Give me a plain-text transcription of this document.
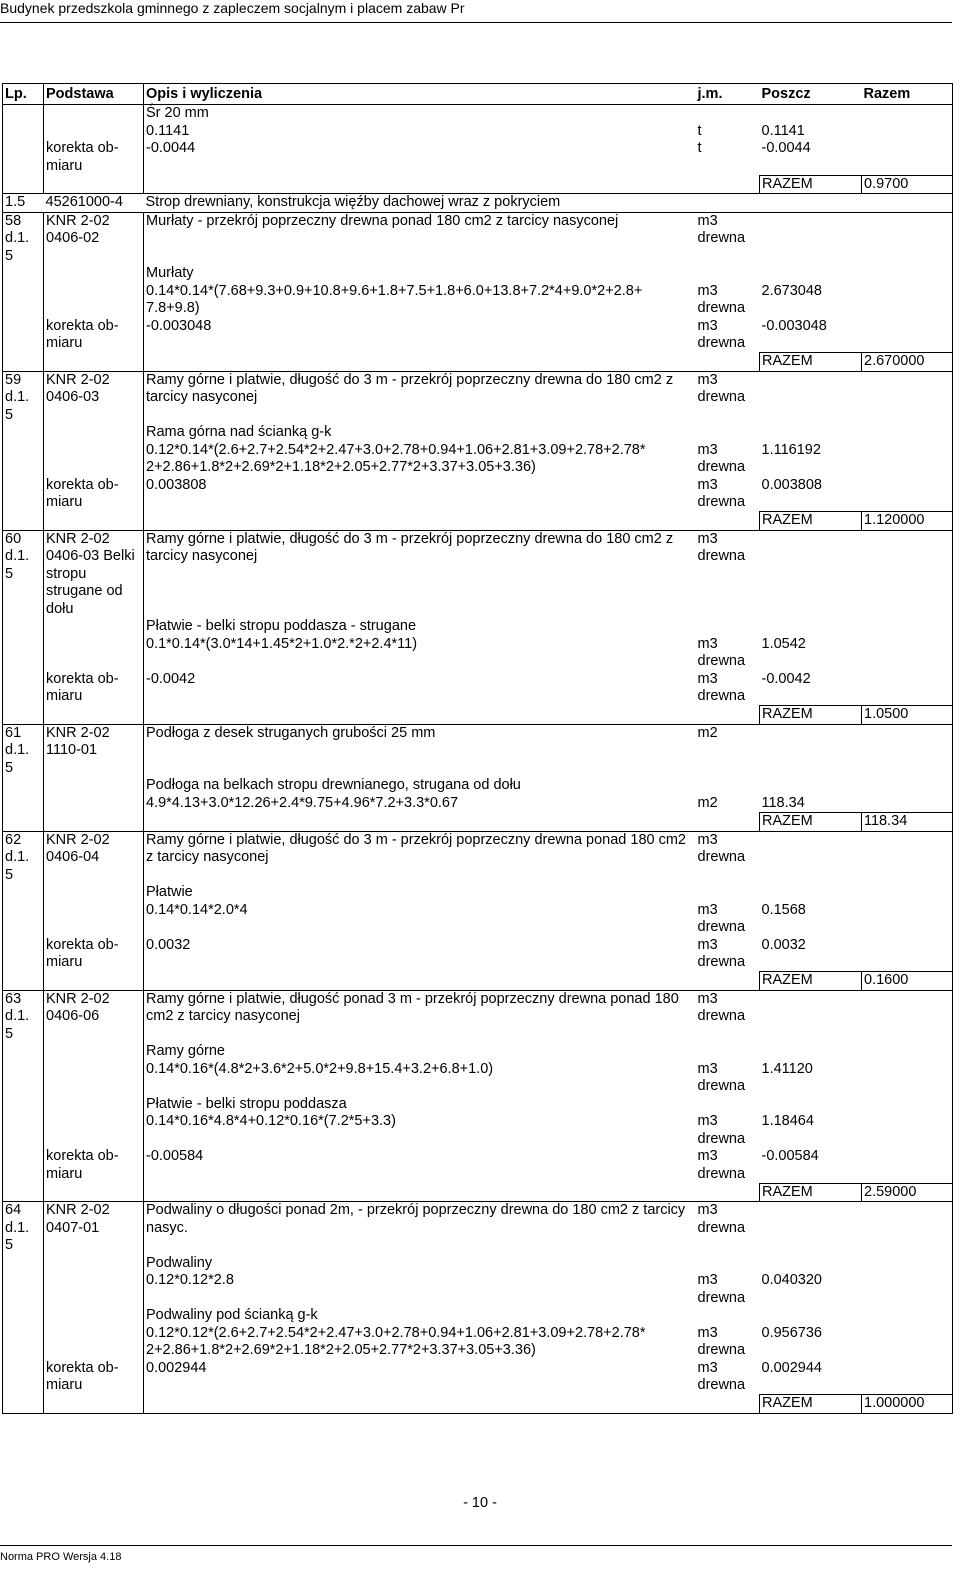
Budynek przedszkola gminnego z zapleczem socjalnym i placem zabaw Pr
Lp.	Podstawa	Opis i wyliczenia	j.m.	Poszcz	Razem
		Śr 20 mm			
		0.1141	t	0.1141	
	korekta ob-miaru	-0.0044	t	-0.0044	
				RAZEM	0.9700
1.5	45261000-4	Strop drewniany, konstrukcja więźby dachowej wraz z pokryciem			
58 d.1. 5	KNR 2-02 0406-02	Murłaty - przekrój poprzeczny drewna ponad 180 cm2 z tarcicy nasyconej	m3 drewna		
		Murłaty			
		0.14*0.14*(7.68+9.3+0.9+10.8+9.6+1.8+7.5+1.8+6.0+13.8+7.2*4+9.0*2+2.8+ 7.8+9.8)	m3 drewna	2.673048	
	korekta ob-miaru	-0.003048	m3 drewna	-0.003048	
				RAZEM	2.670000
59 d.1. 5	KNR 2-02 0406-03	Ramy górne i platwie, długość do 3 m - przekrój poprzeczny drewna do 180 cm2 z tarcicy nasyconej	m3 drewna		
		Rama górna nad ścianką g-k			
		0.12*0.14*(2.6+2.7+2.54*2+2.47+3.0+2.78+0.94+1.06+2.81+3.09+2.78+2.78* 2+2.86+1.8*2+2.69*2+1.18*2+2.05+2.77*2+3.37+3.05+3.36)	m3 drewna	1.116192	
	korekta ob-miaru	0.003808	m3 drewna	0.003808	
				RAZEM	1.120000
60 d.1. 5	KNR 2-02 0406-03 Belki stropu strugane od dołu	Ramy górne i platwie, długość do 3 m - przekrój poprzeczny drewna do 180 cm2 z tarcicy nasyconej	m3 drewna		
		Płatwie - belki stropu poddasza - strugane			
		0.1*0.14*(3.0*14+1.45*2+1.0*2.*2+2.4*11)	m3 drewna	1.0542	
	korekta ob-miaru	-0.0042	m3 drewna	-0.0042	
				RAZEM	1.0500
61 d.1. 5	KNR 2-02 1110-01	Podłoga z desek struganych grubości 25 mm	m2		
		Podłoga na belkach stropu drewnianego, strugana od dołu			
		4.9*4.13+3.0*12.26+2.4*9.75+4.96*7.2+3.3*0.67	m2	118.34	
				RAZEM	118.34
62 d.1. 5	KNR 2-02 0406-04	Ramy górne i platwie, długość do 3 m - przekrój poprzeczny drewna ponad 180 cm2 z tarcicy nasyconej	m3 drewna		
		Płatwie			
		0.14*0.14*2.0*4	m3 drewna	0.1568	
	korekta ob-miaru	0.0032	m3 drewna	0.0032	
				RAZEM	0.1600
63 d.1. 5	KNR 2-02 0406-06	Ramy górne i platwie, długość ponad 3 m - przekrój poprzeczny drewna ponad 180 cm2 z tarcicy nasyconej	m3 drewna		
		Ramy górne			
		0.14*0.16*(4.8*2+3.6*2+5.0*2+9.8+15.4+3.2+6.8+1.0)	m3 drewna	1.41120	
		Płatwie - belki stropu poddasza			
		0.14*0.16*4.8*4+0.12*0.16*(7.2*5+3.3)	m3 drewna	1.18464	
	korekta ob-miaru	-0.00584	m3 drewna	-0.00584	
				RAZEM	2.59000
64 d.1. 5	KNR 2-02 0407-01	Podwaliny o długości ponad 2m, - przekrój poprzeczny drewna do 180 cm2 z tarcicy nasyc.	m3 drewna		
		Podwaliny			
		0.12*0.12*2.8	m3 drewna	0.040320	
		Podwaliny pod ścianką g-k			
		0.12*0.12*(2.6+2.7+2.54*2+2.47+3.0+2.78+0.94+1.06+2.81+3.09+2.78+2.78* 2+2.86+1.8*2+2.69*2+1.18*2+2.05+2.77*2+3.37+3.05+3.36)	m3 drewna	0.956736	
	korekta ob-miaru	0.002944	m3 drewna	0.002944	
				RAZEM	1.000000
- 10 -
Norma PRO Wersja 4.18
